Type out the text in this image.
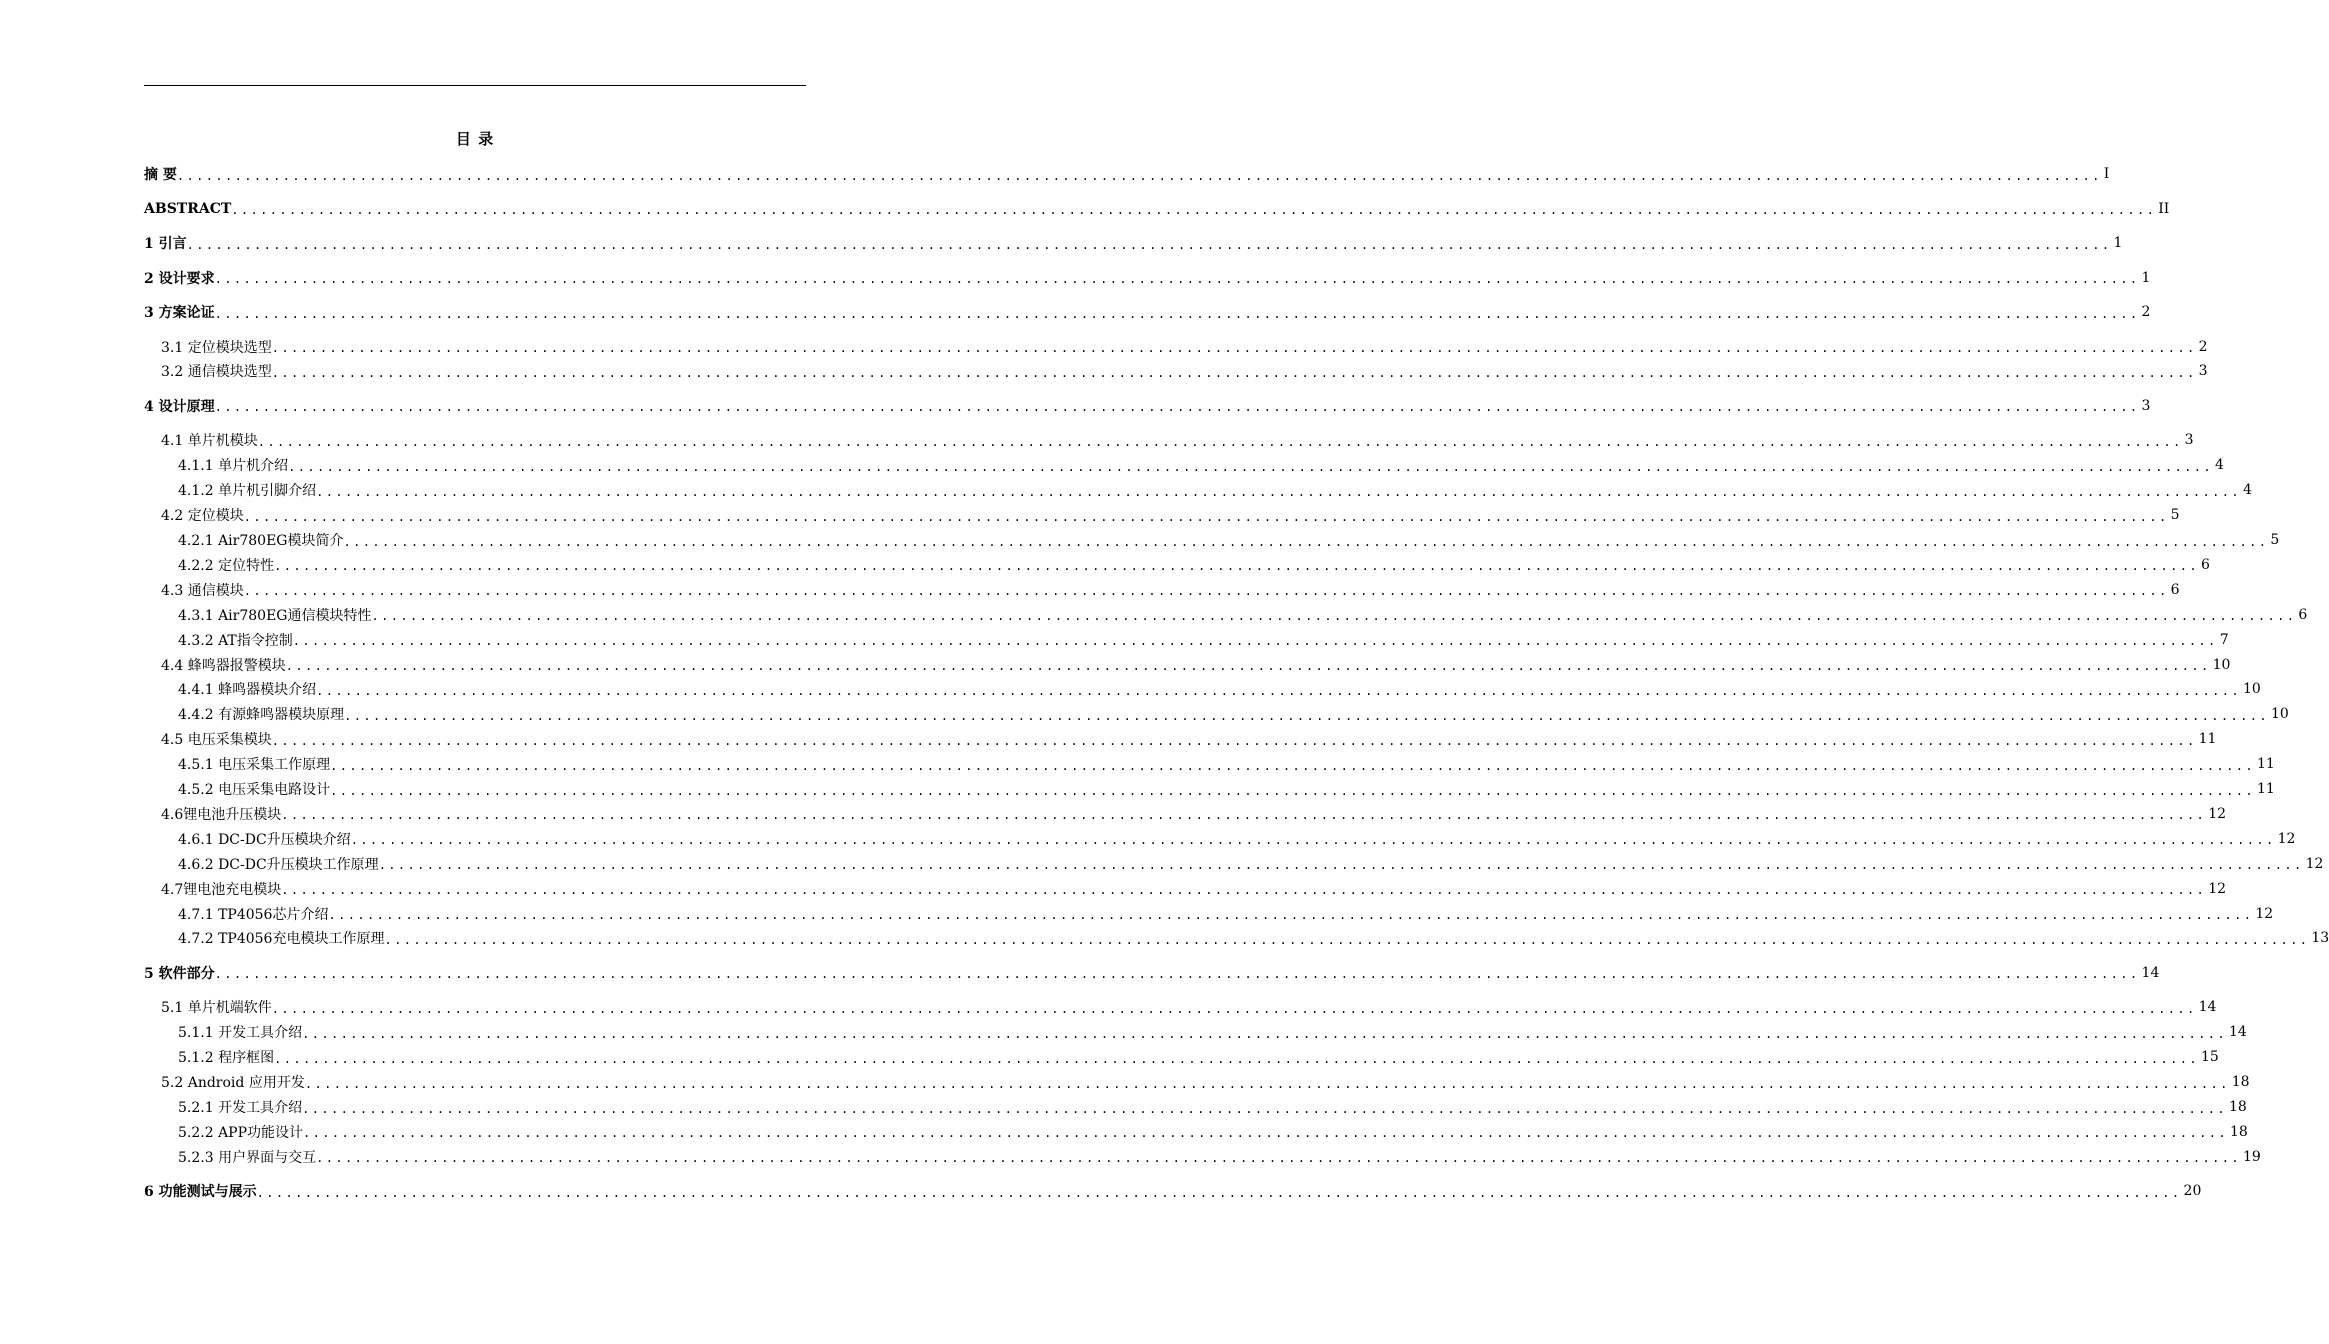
目 录
摘 要 ........................................................................................................................................................................................................ I
ABSTRACT ........................................................................................................................................................................................................ II
1 引言 ........................................................................................................................................................................................................ 1
2 设计要求 ........................................................................................................................................................................................................ 1
3 方案论证 ........................................................................................................................................................................................................ 2
3.1 定位模块选型 ........................................................................................................................................................................................................ 2
3.2 通信模块选型 ........................................................................................................................................................................................................ 3
4 设计原理 ........................................................................................................................................................................................................ 3
4.1 单片机模块 ........................................................................................................................................................................................................ 3
4.1.1 单片机介绍 ........................................................................................................................................................................................................ 4
4.1.2 单片机引脚介绍 ........................................................................................................................................................................................................ 4
4.2 定位模块 ........................................................................................................................................................................................................ 5
4.2.1 Air780EG模块简介 ........................................................................................................................................................................................................ 5
4.2.2 定位特性 ........................................................................................................................................................................................................ 6
4.3 通信模块 ........................................................................................................................................................................................................ 6
4.3.1 Air780EG通信模块特性 ........................................................................................................................................................................................................ 6
4.3.2 AT指令控制 ........................................................................................................................................................................................................ 7
4.4 蜂鸣器报警模块 ........................................................................................................................................................................................................ 10
4.4.1 蜂鸣器模块介绍 ........................................................................................................................................................................................................ 10
4.4.2 有源蜂鸣器模块原理 ........................................................................................................................................................................................................ 10
4.5 电压采集模块 ........................................................................................................................................................................................................ 11
4.5.1 电压采集工作原理 ........................................................................................................................................................................................................ 11
4.5.2 电压采集电路设计 ........................................................................................................................................................................................................ 11
4.6锂电池升压模块 ........................................................................................................................................................................................................ 12
4.6.1 DC-DC升压模块介绍 ........................................................................................................................................................................................................ 12
4.6.2 DC-DC升压模块工作原理 ........................................................................................................................................................................................................ 12
4.7锂电池充电模块 ........................................................................................................................................................................................................ 12
4.7.1 TP4056芯片介绍 ........................................................................................................................................................................................................ 12
4.7.2 TP4056充电模块工作原理 ........................................................................................................................................................................................................ 13
5 软件部分 ........................................................................................................................................................................................................ 14
5.1 单片机端软件 ........................................................................................................................................................................................................ 14
5.1.1 开发工具介绍 ........................................................................................................................................................................................................ 14
5.1.2 程序框图 ........................................................................................................................................................................................................ 15
5.2 Android 应用开发 ........................................................................................................................................................................................................ 18
5.2.1 开发工具介绍 ........................................................................................................................................................................................................ 18
5.2.2 APP功能设计 ........................................................................................................................................................................................................ 18
5.2.3 用户界面与交互 ........................................................................................................................................................................................................ 19
6 功能测试与展示 ........................................................................................................................................................................................................ 20
